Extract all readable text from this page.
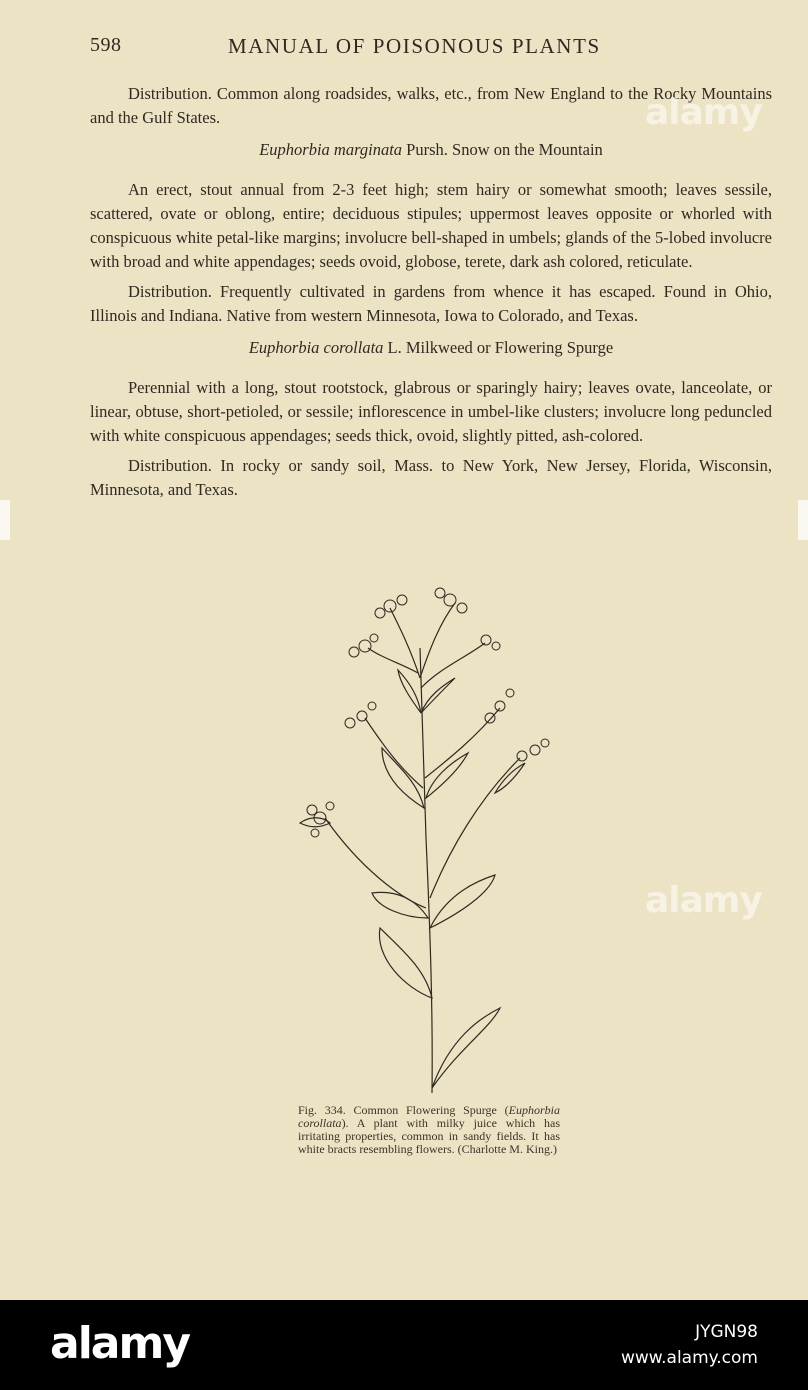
598	MANUAL OF POISONOUS PLANTS

Distribution. Common along roadsides, walks, etc., from New England to the Rocky Mountains and the Gulf States.

Euphorbia marginata Pursh. Snow on the Mountain

An erect, stout annual from 2-3 feet high; stem hairy or somewhat smooth; leaves sessile, scattered, ovate or oblong, entire; deciduous stipules; uppermost leaves opposite or whorled with conspicuous white petal-like margins; involucre bell-shaped in umbels; glands of the 5-lobed involucre with broad and white appendages; seeds ovoid, globose, terete, dark ash colored, reticulate.

Distribution. Frequently cultivated in gardens from whence it has escaped. Found in Ohio, Illinois and Indiana. Native from western Minnesota, Iowa to Colorado, and Texas.

Euphorbia corollata L. Milkweed or Flowering Spurge

Perennial with a long, stout rootstock, glabrous or sparingly hairy; leaves ovate, lanceolate, or linear, obtuse, short-petioled, or sessile; inflorescence in umbel-like clusters; involucre long peduncled with white conspicuous appendages; seeds thick, ovoid, slightly pitted, ash-colored.

Distribution. In rocky or sandy soil, Mass. to New York, New Jersey, Florida, Wisconsin, Minnesota, and Texas.

Fig. 334. Common Flowering Spurge (Euphorbia corollata). A plant with milky juice which has irritating properties, common in sandy fields. It has white bracts resembling flowers. (Charlotte M. King.)
alamy
alamy
alamy	JYGN98
www.alamy.com
